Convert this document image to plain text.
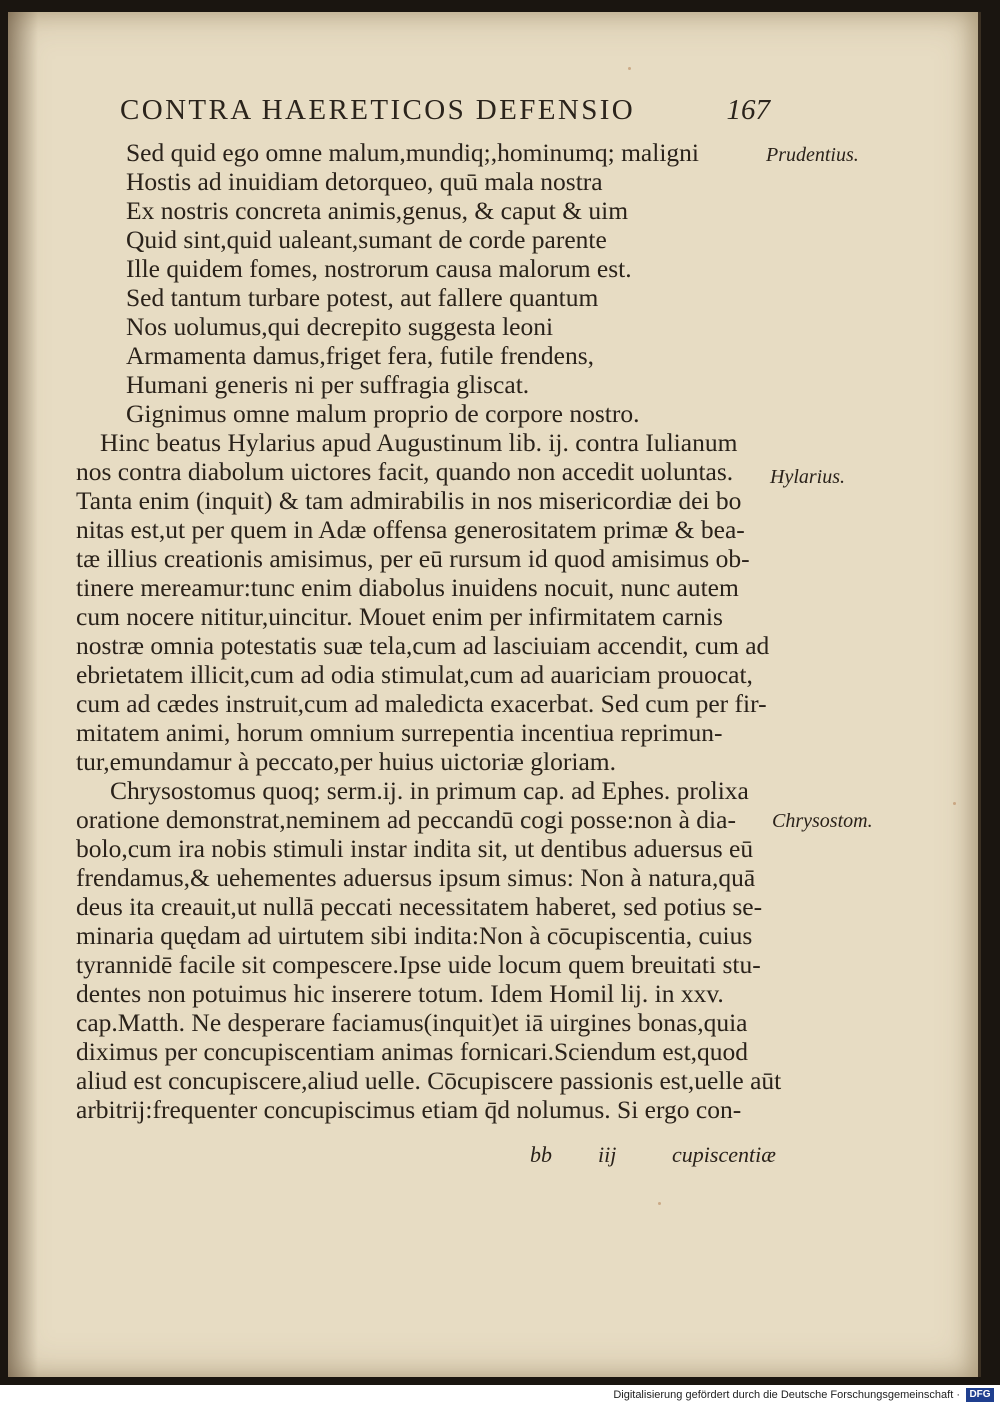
CONTRA HAERETICOS DEFENSIO	167
Sed quid ego omne malum,mundiq;,hominumq; maligni
Hostis ad inuidiam detorqueo, quū mala nostra
Ex nostris concreta animis,genus, & caput & uim
Quid sint,quid ualeant,sumant de corde parente
Ille quidem fomes, nostrorum causa malorum est.
Sed tantum turbare potest, aut fallere quantum
Nos uolumus,qui decrepito suggesta leoni
Armamenta damus,friget fera, futile frendens,
Humani generis ni per suffragia gliscat.
Gignimus omne malum proprio de corpore nostro.
Hinc beatus Hylarius apud Augustinum lib. ij. contra Iulianum
nos contra diabolum uictores facit, quando non accedit uoluntas.
Tanta enim (inquit) & tam admirabilis in nos misericordiæ dei bo
nitas est,ut per quem in Adæ offensa generositatem primæ & bea-
tæ illius creationis amisimus, per eū rursum id quod amisimus ob-
tinere mereamur:tunc enim diabolus inuidens nocuit, nunc autem
cum nocere nititur,uincitur. Mouet enim per infirmitatem carnis
nostræ omnia potestatis suæ tela,cum ad lasciuiam accendit, cum ad
ebrietatem illicit,cum ad odia stimulat,cum ad auariciam prouocat,
cum ad cædes instruit,cum ad maledicta exacerbat. Sed cum per fir-
mitatem animi, horum omnium surrepentia incentiua reprimun-
tur,emundamur à peccato,per huius uictoriæ gloriam.
Chrysostomus quoq; serm.ij. in primum cap. ad Ephes. prolixa
oratione demonstrat,neminem ad peccandū cogi posse:non à dia-
bolo,cum ira nobis stimuli instar indita sit, ut dentibus aduersus eū
frendamus,& uehementes aduersus ipsum simus: Non à natura,quā
deus ita creauit,ut nullā peccati necessitatem haberet, sed potius se-
minaria quędam ad uirtutem sibi indita:Non à cōcupiscentia, cuius
tyrannidē facile sit compescere.Ipse uide locum quem breuitati stu-
dentes non potuimus hic inserere totum. Idem Homil lij. in xxv.
cap.Matth. Ne desperare faciamus(inquit)et iā uirgines bonas,quia
diximus per concupiscentiam animas fornicari.Sciendum est,quod
aliud est concupiscere,aliud uelle. Cōcupiscere passionis est,uelle aūt
arbitrij:frequenter concupiscimus etiam q̄d nolumus. Si ergo con-
Prudentius.
Hylarius.
Chrysostom.
bb iij	cupiscentiæ
Digitalisierung gefördert durch die Deutsche Forschungsgemeinschaft · DFG
